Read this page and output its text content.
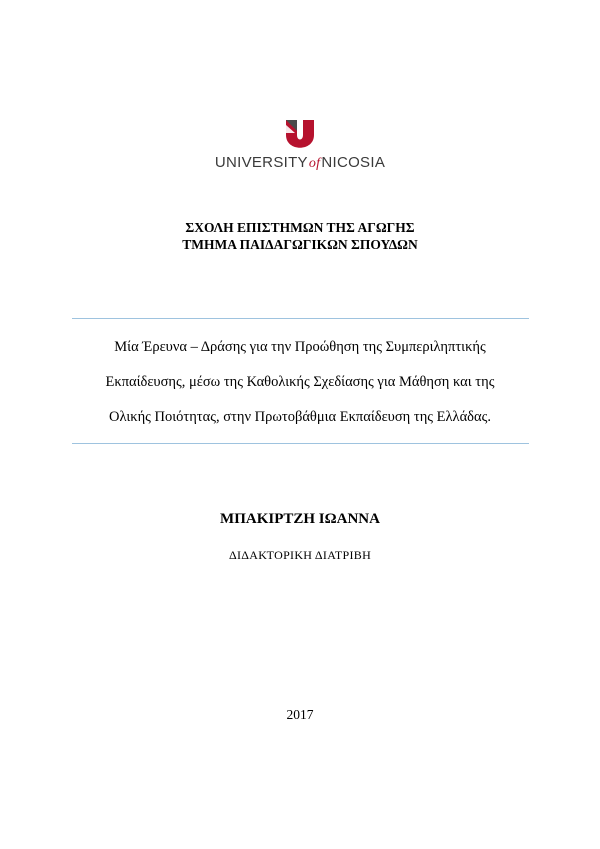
UNIVERSITYofNICOSIA
ΣΧΟΛΗ ΕΠΙΣΤΗΜΩΝ ΤΗΣ ΑΓΩΓΗΣ
ΤΜΗΜΑ ΠΑΙΔΑΓΩΓΙΚΩΝ ΣΠΟΥΔΩΝ
Μία Έρευνα – Δράσης για την Προώθηση της Συμπεριληπτικής
Εκπαίδευσης, μέσω της Καθολικής Σχεδίασης για Μάθηση και της
Ολικής Ποιότητας, στην Πρωτοβάθμια Εκπαίδευση της Ελλάδας.
ΜΠΑΚΙΡΤΖΗ ΙΩΑΝΝΑ
ΔΙΔΑΚΤΟΡΙΚΗ ΔΙΑΤΡΙΒΗ
2017
